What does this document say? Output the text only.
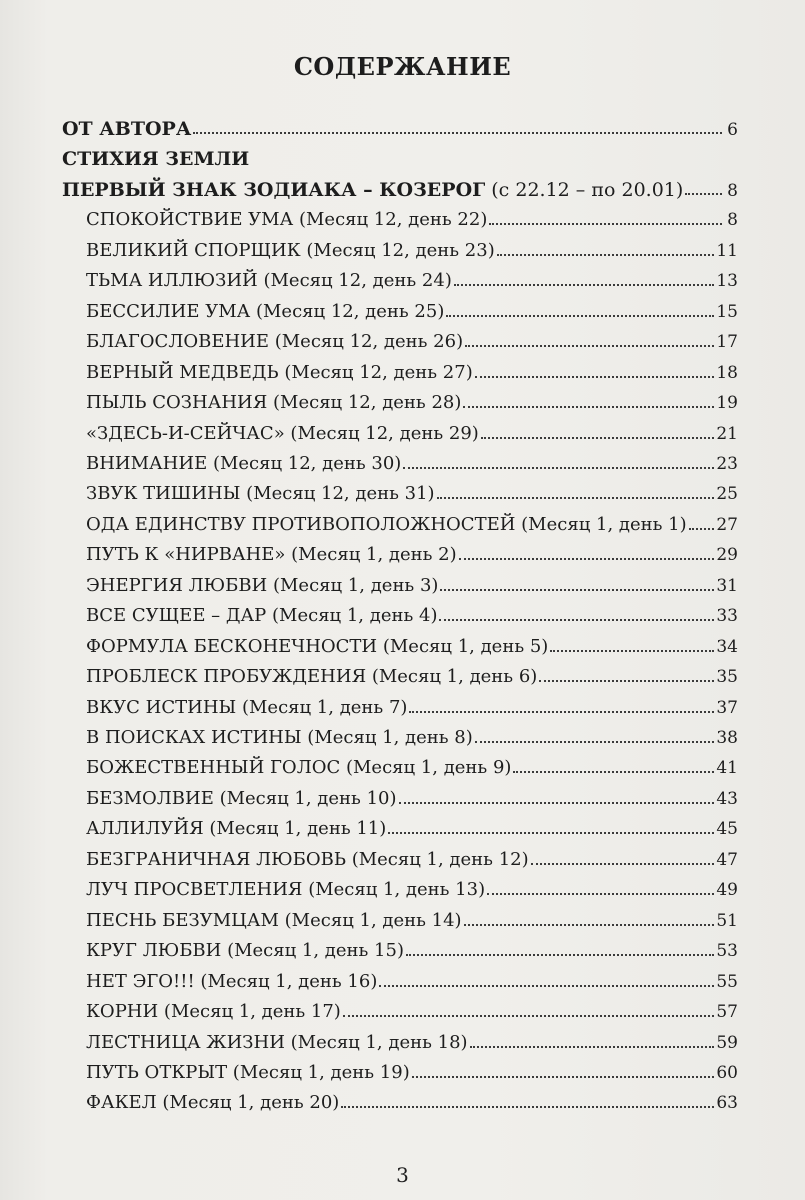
СОДЕРЖАНИЕ
ОТ АВТОРА	6
СТИХИЯ ЗЕМЛИ
ПЕРВЫЙ ЗНАК ЗОДИАКА – КОЗЕРОГ (с 22.12 – по 20.01)	8
СПОКОЙСТВИЕ УМА (Месяц 12, день 22)	8
ВЕЛИКИЙ СПОРЩИК (Месяц 12, день 23)	11
ТЬМА ИЛЛЮЗИЙ (Месяц 12, день 24)	13
БЕССИЛИЕ УМА (Месяц 12, день 25)	15
БЛАГОСЛОВЕНИЕ (Месяц 12, день 26)	17
ВЕРНЫЙ МЕДВЕДЬ (Месяц 12, день 27)	18
ПЫЛЬ СОЗНАНИЯ (Месяц 12, день 28)	19
«ЗДЕСЬ-И-СЕЙЧАС» (Месяц 12, день 29)	21
ВНИМАНИЕ (Месяц 12, день 30)	23
ЗВУК ТИШИНЫ (Месяц 12, день 31)	25
ОДА ЕДИНСТВУ ПРОТИВОПОЛОЖНОСТЕЙ (Месяц 1, день 1) 27
ПУТЬ К «НИРВАНЕ» (Месяц 1, день 2)	29
ЭНЕРГИЯ ЛЮБВИ (Месяц 1, день 3)	31
ВСЕ СУЩЕЕ – ДАР (Месяц 1, день 4)	33
ФОРМУЛА БЕСКОНЕЧНОСТИ (Месяц 1, день 5)	34
ПРОБЛЕСК ПРОБУЖДЕНИЯ (Месяц 1, день 6)	35
ВКУС ИСТИНЫ (Месяц 1, день 7)	37
В ПОИСКАХ ИСТИНЫ (Месяц 1, день 8)	38
БОЖЕСТВЕННЫЙ ГОЛОС (Месяц 1, день 9)	41
БЕЗМОЛВИЕ (Месяц 1, день 10)	43
АЛЛИЛУЙЯ (Месяц 1, день 11)	45
БЕЗГРАНИЧНАЯ ЛЮБОВЬ (Месяц 1, день 12)	47
ЛУЧ ПРОСВЕТЛЕНИЯ (Месяц 1, день 13)	49
ПЕСНЬ БЕЗУМЦАМ (Месяц 1, день 14)	51
КРУГ ЛЮБВИ (Месяц 1, день 15)	53
НЕТ ЭГО!!! (Месяц 1, день 16)	55
КОРНИ (Месяц 1, день 17)	57
ЛЕСТНИЦА ЖИЗНИ (Месяц 1, день 18)	59
ПУТЬ ОТКРЫТ (Месяц 1, день 19)	60
ФАКЕЛ (Месяц 1, день 20)	63
3
